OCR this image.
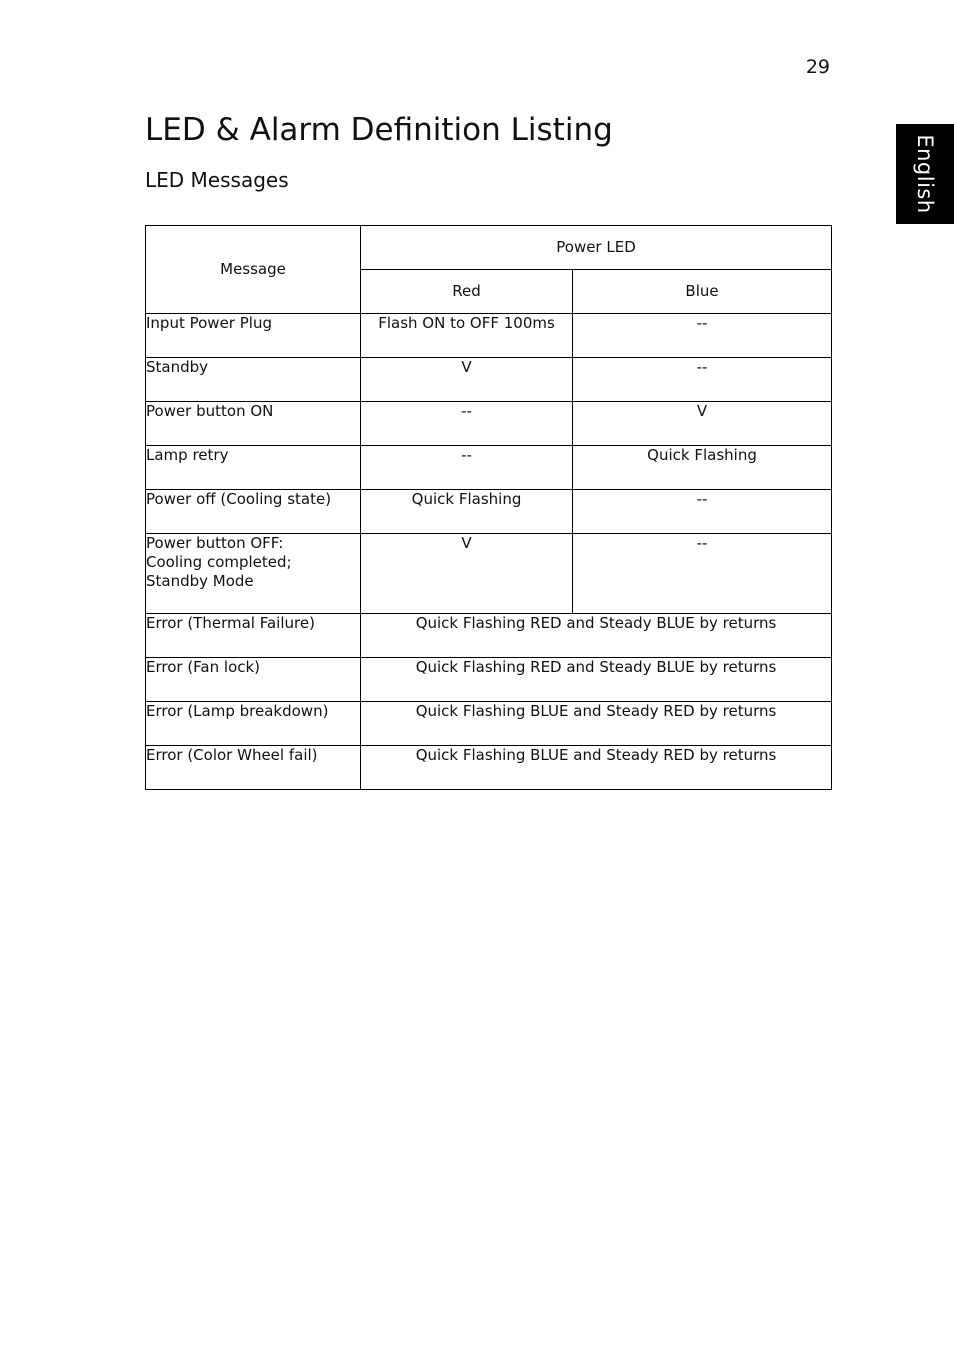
29
English
LED & Alarm Definition Listing
LED Messages
Message	Power LED	
	Red	Blue
Input Power Plug	Flash ON to OFF 100ms	--
Standby	V	--
Power button ON	--	V
Lamp retry	--	Quick Flashing
Power off (Cooling state)	Quick Flashing	--

Power button OFF:
Cooling completed;
Standby Mode	V	--
Error (Thermal Failure)	Quick Flashing RED and Steady BLUE by returns	
Error (Fan lock)	Quick Flashing RED and Steady BLUE by returns	
Error (Lamp breakdown)	Quick Flashing BLUE and Steady RED by returns	
Error (Color Wheel fail)	Quick Flashing BLUE and Steady RED by returns	
